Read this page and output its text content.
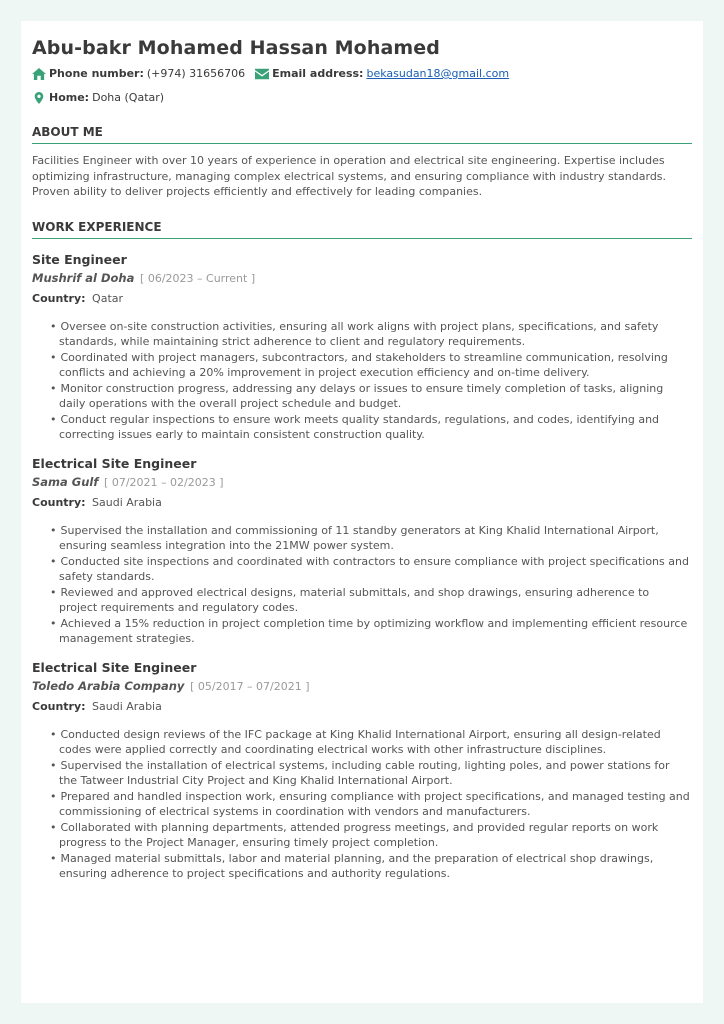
Abu-bakr Mohamed Hassan Mohamed
Phone number: (+974) 31656706 Email address: bekasudan18@gmail.com
Home: Doha (Qatar)
ABOUT ME
Facilities Engineer with over 10 years of experience in operation and electrical site engineering. Expertise includes optimizing infrastructure, managing complex electrical systems, and ensuring compliance with industry standards. Proven ability to deliver projects efficiently and effectively for leading companies.
WORK EXPERIENCE
Site Engineer
Mushrif al Doha [ 06/2023 – Current ]
Country: Qatar
• Oversee on-site construction activities, ensuring all work aligns with project plans, specifications, and safety standards, while maintaining strict adherence to client and regulatory requirements.
• Coordinated with project managers, subcontractors, and stakeholders to streamline communication, resolving conflicts and achieving a 20% improvement in project execution efficiency and on-time delivery.
• Monitor construction progress, addressing any delays or issues to ensure timely completion of tasks, aligning daily operations with the overall project schedule and budget.
• Conduct regular inspections to ensure work meets quality standards, regulations, and codes, identifying and correcting issues early to maintain consistent construction quality.
Electrical Site Engineer
Sama Gulf [ 07/2021 – 02/2023 ]
Country: Saudi Arabia
• Supervised the installation and commissioning of 11 standby generators at King Khalid International Airport, ensuring seamless integration into the 21MW power system.
• Conducted site inspections and coordinated with contractors to ensure compliance with project specifications and safety standards.
• Reviewed and approved electrical designs, material submittals, and shop drawings, ensuring adherence to project requirements and regulatory codes.
• Achieved a 15% reduction in project completion time by optimizing workflow and implementing efficient resource management strategies.
Electrical Site Engineer
Toledo Arabia Company [ 05/2017 – 07/2021 ]
Country: Saudi Arabia
• Conducted design reviews of the IFC package at King Khalid International Airport, ensuring all design-related codes were applied correctly and coordinating electrical works with other infrastructure disciplines.
• Supervised the installation of electrical systems, including cable routing, lighting poles, and power stations for the Tatweer Industrial City Project and King Khalid International Airport.
• Prepared and handled inspection work, ensuring compliance with project specifications, and managed testing and commissioning of electrical systems in coordination with vendors and manufacturers.
• Collaborated with planning departments, attended progress meetings, and provided regular reports on work progress to the Project Manager, ensuring timely project completion.
• Managed material submittals, labor and material planning, and the preparation of electrical shop drawings, ensuring adherence to project specifications and authority regulations.
